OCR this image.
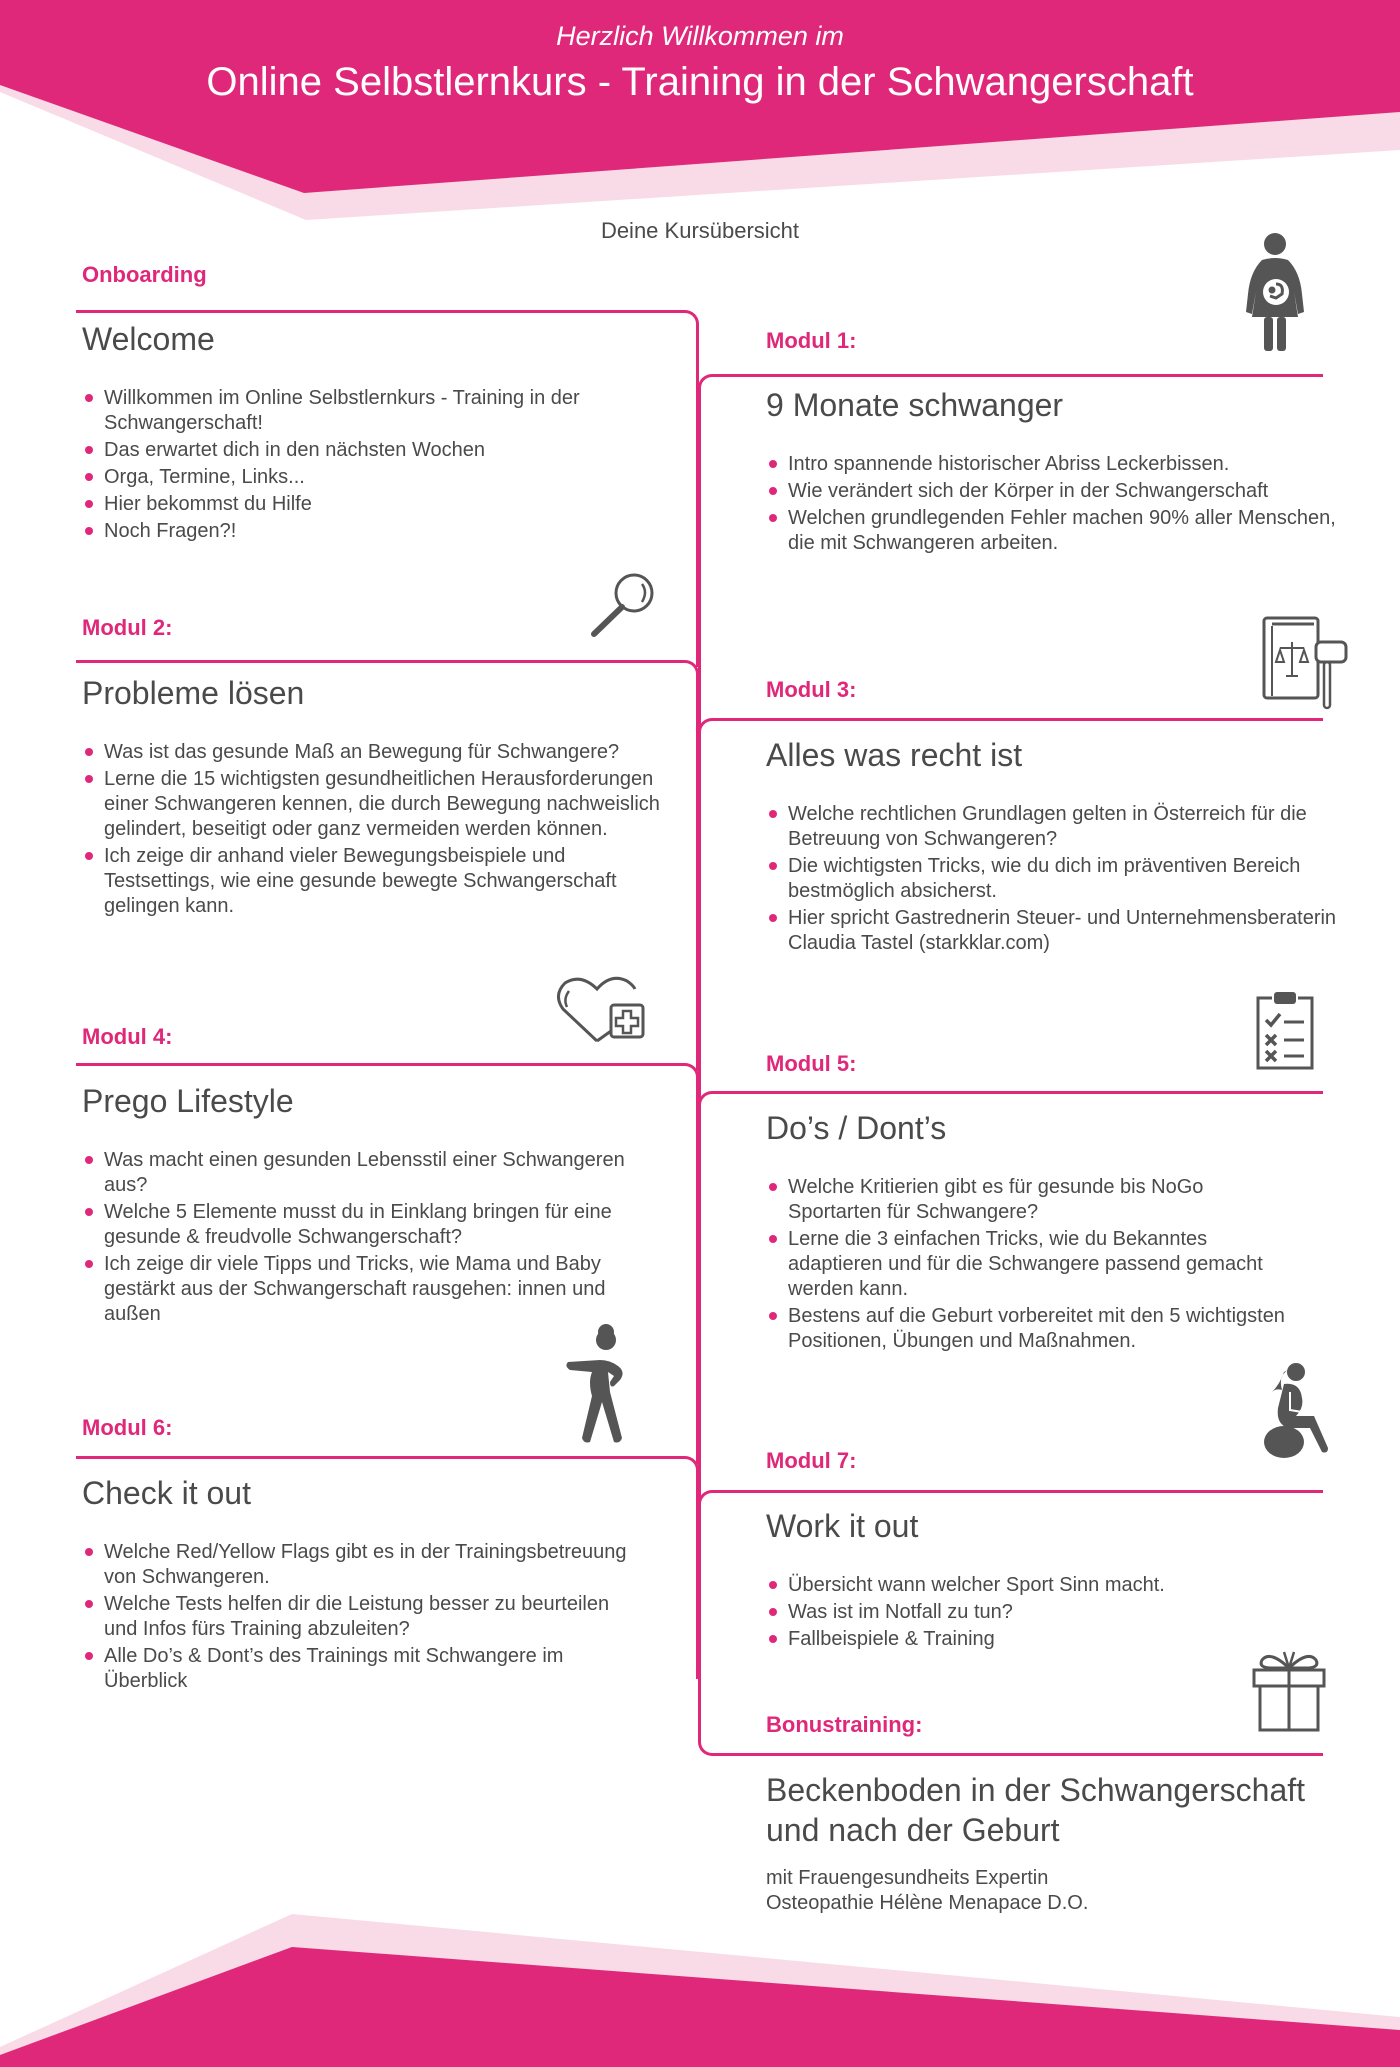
Herzlich Willkommen im
Online Selbstlernkurs - Training in der Schwangerschaft
Deine Kursübersicht
Onboarding
Welcome
Willkommen im Online Selbstlernkurs - Training in der Schwangerschaft!
Das erwartet dich in den nächsten Wochen
Orga, Termine, Links...
Hier bekommst du Hilfe
Noch Fragen?!
Modul 1:
9 Monate schwanger
Intro spannende historischer Abriss Leckerbissen.
Wie verändert sich der Körper in der Schwangerschaft
Welchen grundlegenden Fehler machen 90% aller Menschen, die mit Schwangeren arbeiten.
Modul 2:
Probleme lösen
Was ist das gesunde Maß an Bewegung für Schwangere?
Lerne die 15 wichtigsten gesundheitlichen Herausforderungen einer Schwangeren kennen, die durch Bewegung nachweislich gelindert, beseitigt oder ganz vermeiden werden können.
Ich zeige dir anhand vieler Bewegungsbeispiele und Testsettings, wie eine gesunde bewegte Schwangerschaft gelingen kann.
Modul 3:
Alles was recht ist
Welche rechtlichen Grundlagen gelten in Österreich für die Betreuung von Schwangeren?
Die wichtigsten Tricks, wie du dich im präventiven Bereich bestmöglich absicherst.
Hier spricht Gastrednerin Steuer- und Unternehmensberaterin Claudia Tastel (starkklar.com)
Modul 4:
Prego Lifestyle
Was macht einen gesunden Lebensstil einer Schwangeren aus?
Welche 5 Elemente musst du in Einklang bringen für eine gesunde & freudvolle Schwangerschaft?
Ich zeige dir viele Tipps und Tricks, wie Mama und Baby gestärkt aus der Schwangerschaft rausgehen: innen und außen
Modul 5:
Do’s / Dont’s
Welche Kritierien gibt es für gesunde bis NoGo Sportarten für Schwangere?
Lerne die 3 einfachen Tricks, wie du Bekanntes adaptieren und für die Schwangere passend gemacht werden kann.
Bestens auf die Geburt vorbereitet mit den 5 wichtigsten Positionen, Übungen und Maßnahmen.
Modul 6:
Check it out
Welche Red/Yellow Flags gibt es in der Trainingsbetreuung von Schwangeren.
Welche Tests helfen dir die Leistung besser zu beurteilen und Infos fürs Training abzuleiten?
Alle Do’s & Dont’s des Trainings mit Schwangere im Überblick
Modul 7:
Work it out
Übersicht wann welcher Sport Sinn macht.
Was ist im Notfall zu tun?
Fallbeispiele & Training
Bonustraining:
Beckenboden in der Schwangerschaft und nach der Geburt
mit Frauengesundheits Expertin Osteopathie Hélène Menapace D.O.
